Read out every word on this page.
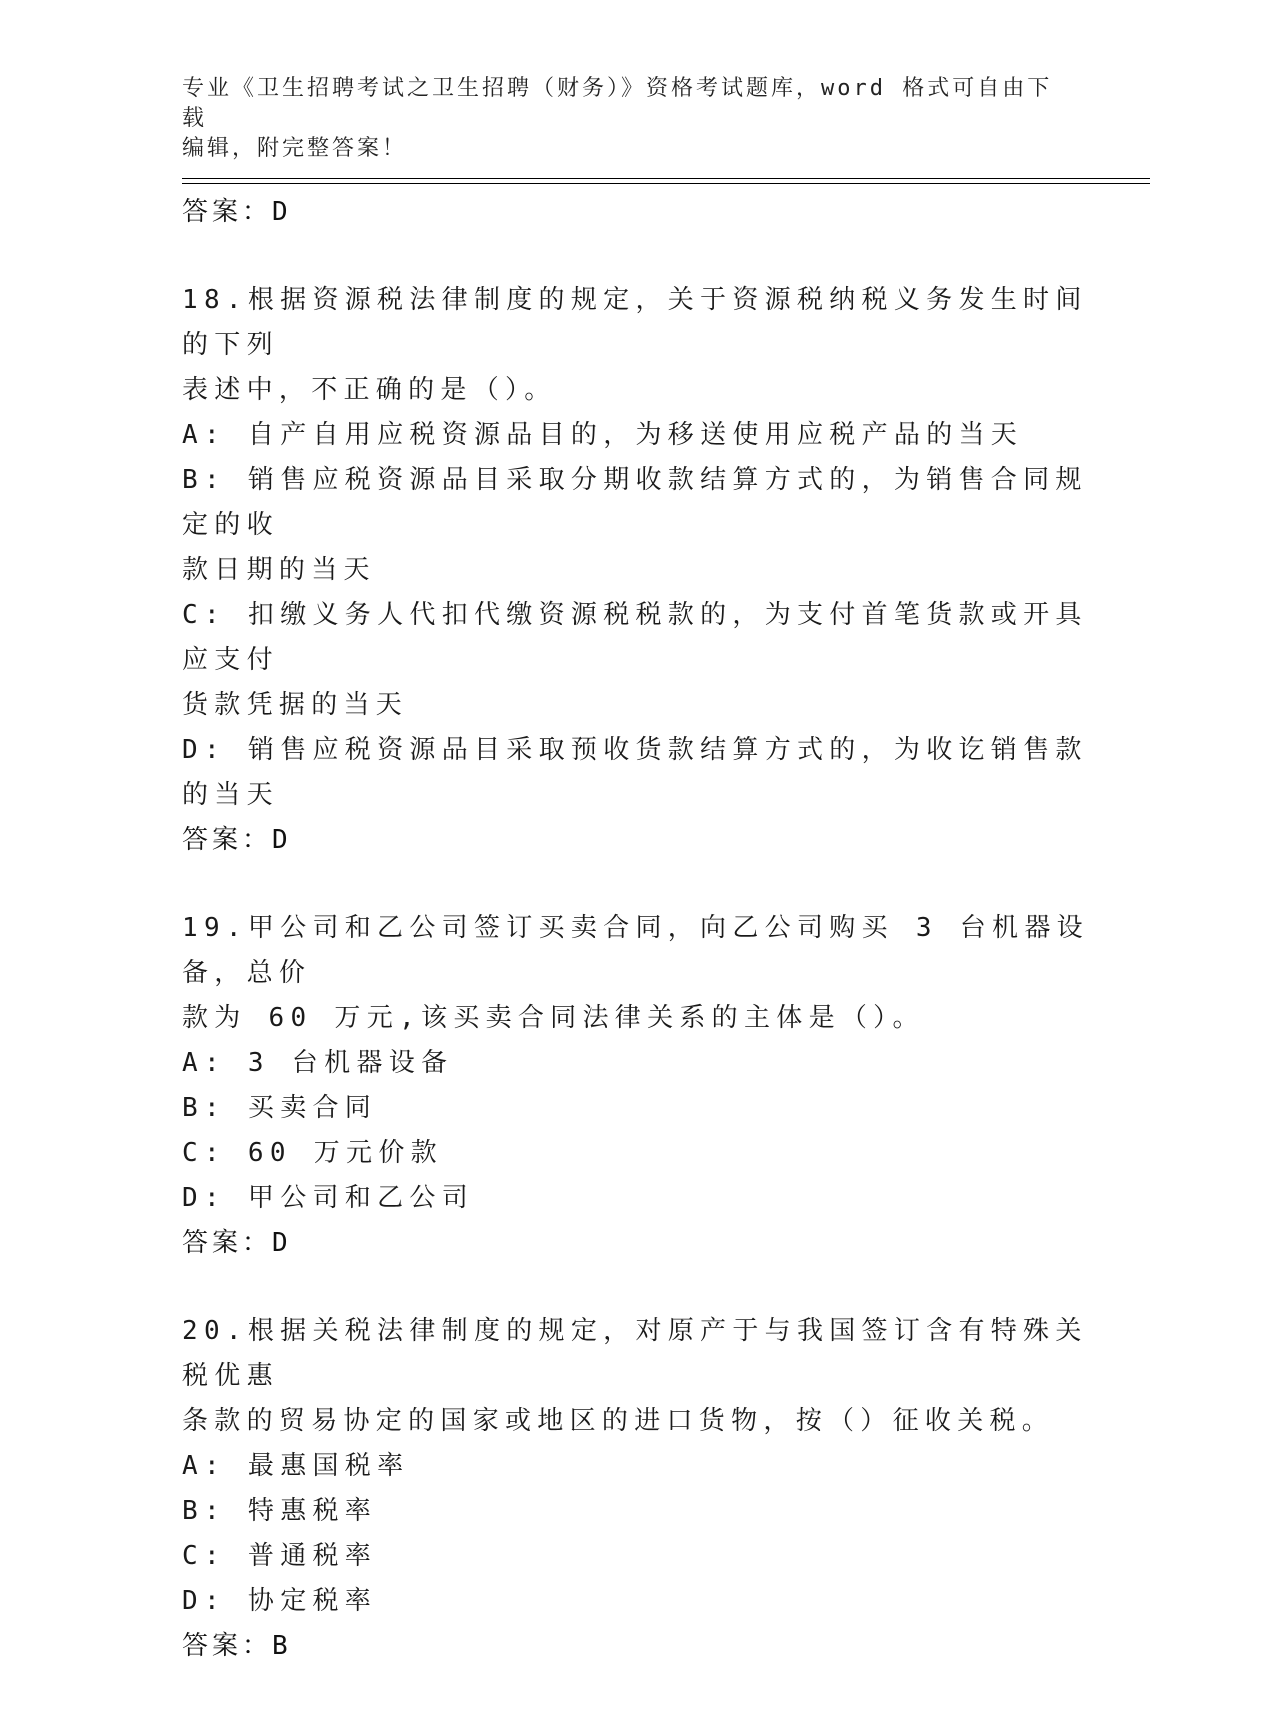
专业《卫生招聘考试之卫生招聘（财务）》资格考试题库，word 格式可自由下载
编辑，附完整答案！
答案：D
18.根据资源税法律制度的规定，关于资源税纳税义务发生时间的下列
表述中，不正确的是（）。
A: 自产自用应税资源品目的，为移送使用应税产品的当天
B: 销售应税资源品目采取分期收款结算方式的，为销售合同规定的收
款日期的当天
C: 扣缴义务人代扣代缴资源税税款的，为支付首笔货款或开具应支付
货款凭据的当天
D: 销售应税资源品目采取预收货款结算方式的，为收讫销售款的当天
答案：D
19.甲公司和乙公司签订买卖合同，向乙公司购买 3 台机器设备，总价
款为 60 万元,该买卖合同法律关系的主体是（）。
A: 3 台机器设备
B: 买卖合同
C: 60 万元价款
D: 甲公司和乙公司
答案：D
20.根据关税法律制度的规定，对原产于与我国签订含有特殊关税优惠
条款的贸易协定的国家或地区的进口货物，按（）征收关税。
A: 最惠国税率
B: 特惠税率
C: 普通税率
D: 协定税率
答案：B
